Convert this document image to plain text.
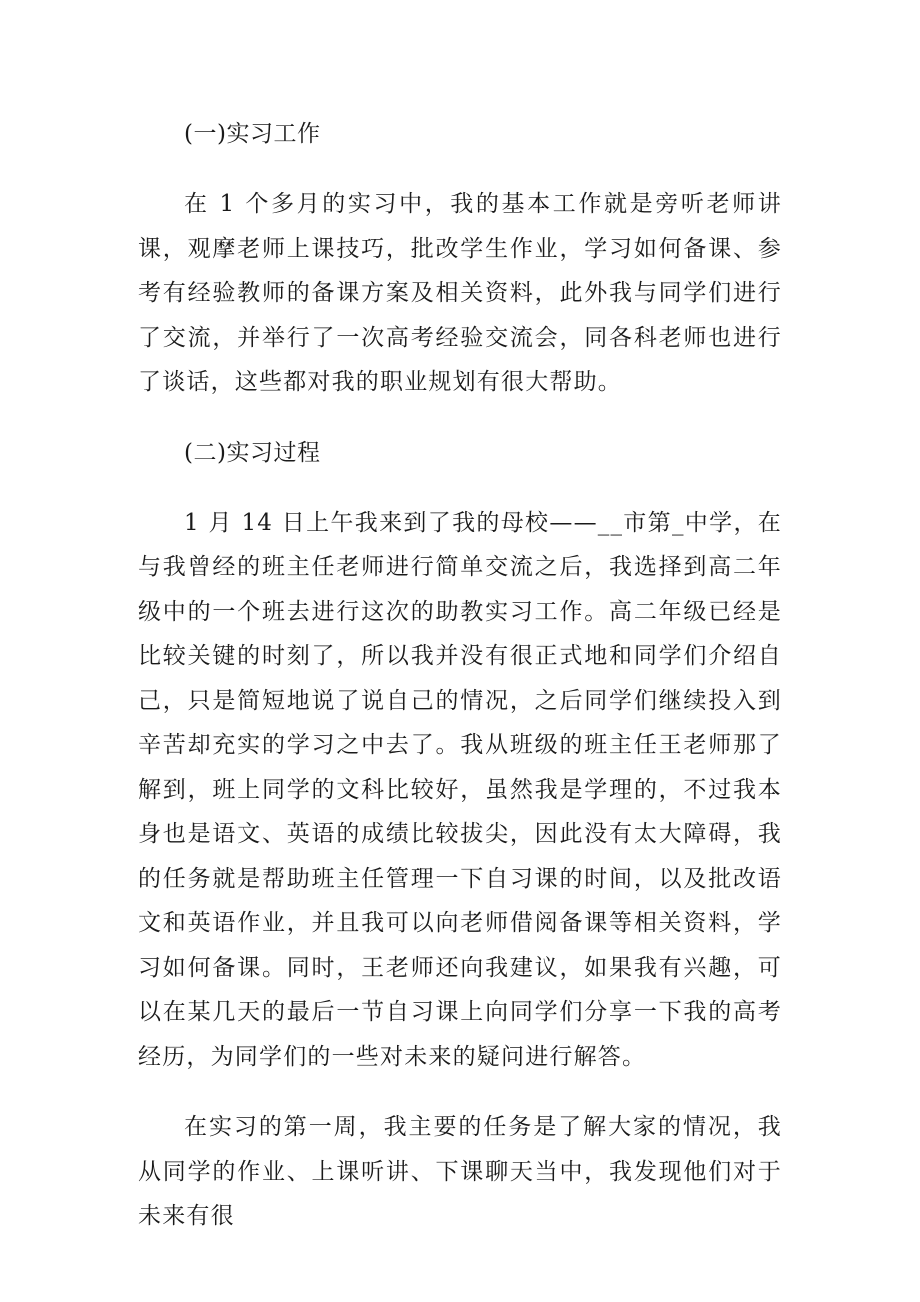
(一)实习工作

在 1 个多月的实习中，我的基本工作就是旁听老师讲课，观摩老师上课技巧，批改学生作业，学习如何备课、参考有经验教师的备课方案及相关资料，此外我与同学们进行了交流，并举行了一次高考经验交流会，同各科老师也进行了谈话，这些都对我的职业规划有很大帮助。

(二)实习过程

1 月 14 日上午我来到了我的母校——__市第_中学，在与我曾经的班主任老师进行简单交流之后，我选择到高二年级中的一个班去进行这次的助教实习工作。高二年级已经是比较关键的时刻了，所以我并没有很正式地和同学们介绍自己，只是简短地说了说自己的情况，之后同学们继续投入到辛苦却充实的学习之中去了。我从班级的班主任王老师那了解到，班上同学的文科比较好，虽然我是学理的，不过我本身也是语文、英语的成绩比较拔尖，因此没有太大障碍，我的任务就是帮助班主任管理一下自习课的时间，以及批改语文和英语作业，并且我可以向老师借阅备课等相关资料，学习如何备课。同时，王老师还向我建议，如果我有兴趣，可以在某几天的最后一节自习课上向同学们分享一下我的高考经历，为同学们的一些对未来的疑问进行解答。

在实习的第一周，我主要的任务是了解大家的情况，我从同学的作业、上课听讲、下课聊天当中，我发现他们对于未来有很
